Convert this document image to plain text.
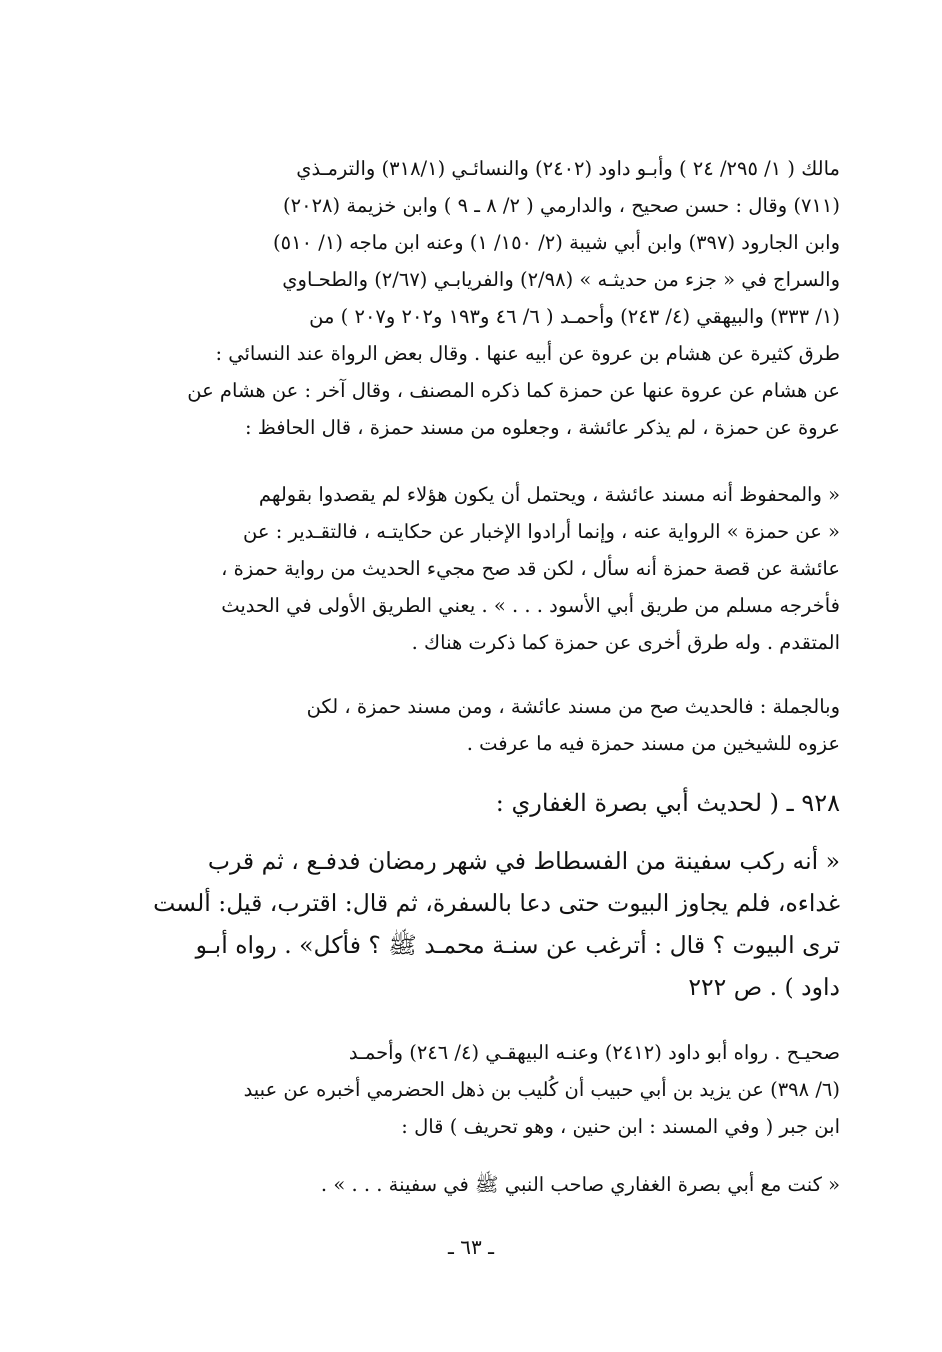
مالك ( ١/ ٢٩٥/ ٢٤ ) وأبـو داود (٢٤٠٢) والنسائـي (٣١٨/١) والترمـذي
(٧١١) وقال : حسن صحيح ، والدارمي ( ٢/ ٨ ـ ٩ ) وابن خزيمة (٢٠٢٨)
وابن الجارود (٣٩٧) وابن أبي شيبة (٢/ ١٥٠/ ١) وعنه ابن ماجه (١/ ٥١٠)
والسراج في « جزء من حديثـه » (٢/٩٨) والفريابـي (٢/٦٧) والطحـاوي
(١/ ٣٣٣) والبيهقي (٤/ ٢٤٣) وأحمـد ( ٦/ ٤٦ و١٩٣ و٢٠٢ و٢٠٧ ) من
طرق كثيرة عن هشام بن عروة عن أبيه عنها . وقال بعض الرواة عند النسائي :
عن هشام عن عروة عنها عن حمزة كما ذكره المصنف ، وقال آخر : عن هشام عن
عروة عن حمزة ، لم يذكر عائشة ، وجعلوه من مسند حمزة ، قال الحافظ :
« والمحفوظ أنه مسند عائشة ، ويحتمل أن يكون هؤلاء لم يقصدوا بقولهم
« عن حمزة » الرواية عنه ، وإنما أرادوا الإخبار عن حكايتـه ، فالتقـدير : عن
عائشة عن قصة حمزة أنه سأل ، لكن قد صح مجيء الحديث من رواية حمزة ،
فأخرجه مسلم من طريق أبي الأسود . . . » . يعني الطريق الأولى في الحديث
المتقدم . وله طرق أخرى عن حمزة كما ذكرت هناك .
وبالجملة : فالحديث صح من مسند عائشة ، ومن مسند حمزة ، لكن
عزوه للشيخين من مسند حمزة فيه ما عرفت .
٩٢٨ ـ ( لحديث أبي بصرة الغفاري :
« أنه ركب سفينة من الفسطاط في شهر رمضان فدفـع ، ثم قرب
غداءه، فلم يجاوز البيوت حتى دعا بالسفرة، ثم قال: اقترب، قيل: ألست
ترى البيوت ؟ قال : أترغب عن سنـة محمـد ﷺ ؟ فأكل» . رواه أبـو
داود ) . ص ٢٢٢
صحيـح . رواه أبو داود (٢٤١٢) وعنـه البيهقـي (٤/ ٢٤٦) وأحمـد
(٦/ ٣٩٨) عن يزيد بن أبي حبيب أن كُليب بن ذهل الحضرمي أخبره عن عبيد
ابن جبر ( وفي المسند : ابن حنين ، وهو تحريف ) قال :
« كنت مع أبي بصرة الغفاري صاحب النبي ﷺ في سفينة . . . » .
ـ ٦٣ ـ
